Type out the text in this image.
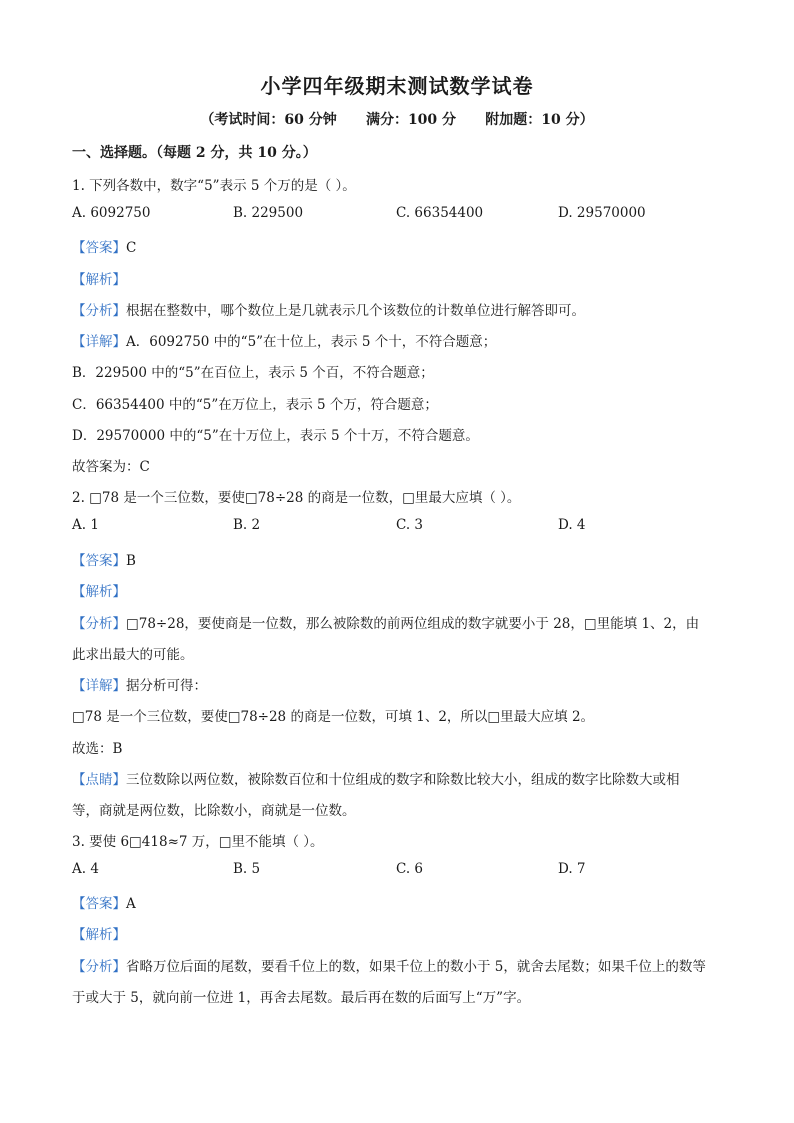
小学四年级期末测试数学试卷
（考试时间：60 分钟      满分：100 分      附加题：10 分）
一、选择题。（每题 2 分，共 10 分。）
1. 下列各数中，数字“5”表示 5 个万的是（ ）。
A. 6092750	B. 229500	C. 66354400	D. 29570000
【答案】C
【解析】
【分析】根据在整数中，哪个数位上是几就表示几个该数位的计数单位进行解答即可。
【详解】A．6092750 中的“5”在十位上，表示 5 个十，不符合题意；
B．229500 中的“5”在百位上，表示 5 个百，不符合题意；
C．66354400 中的“5”在万位上，表示 5 个万，符合题意；
D．29570000 中的“5”在十万位上，表示 5 个十万，不符合题意。
故答案为：C
2. □78 是一个三位数，要使□78÷28 的商是一位数，□里最大应填（ ）。
A. 1	B. 2	C. 3	D. 4
【答案】B
【解析】
【分析】□78÷28，要使商是一位数，那么被除数的前两位组成的数字就要小于 28，□里能填 1、2，由
此求出最大的可能。
【详解】据分析可得：
□78 是一个三位数，要使□78÷28 的商是一位数，可填 1、2，所以□里最大应填 2。
故选：B
【点睛】三位数除以两位数，被除数百位和十位组成的数字和除数比较大小，组成的数字比除数大或相
等，商就是两位数，比除数小，商就是一位数。
3. 要使 6□418≈7 万，□里不能填（ ）。
A. 4	B. 5	C. 6	D. 7
【答案】A
【解析】
【分析】省略万位后面的尾数，要看千位上的数，如果千位上的数小于 5，就舍去尾数；如果千位上的数等
于或大于 5，就向前一位进 1，再舍去尾数。最后再在数的后面写上“万”字。
